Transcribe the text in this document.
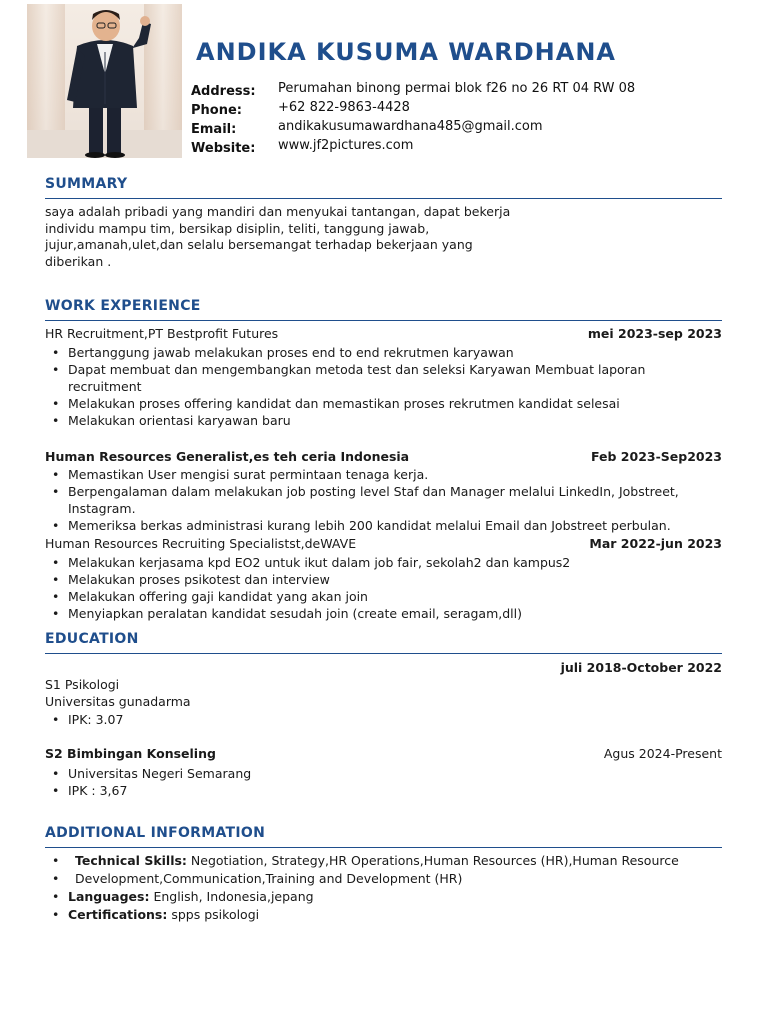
ANDIKA KUSUMA WARDHANA
Address:	Perumahan binong permai blok f26 no 26 RT 04 RW 08
Phone:	+62 822-9863-4428
Email:	andikakusumawardhana485@gmail.com
Website:	www.jf2pictures.com
SUMMARY
saya adalah pribadi yang mandiri dan menyukai tantangan, dapat bekerja
individu mampu tim, bersikap disiplin, teliti, tanggung jawab,
jujur,amanah,ulet,dan selalu bersemangat terhadap bekerjaan yang
diberikan .
WORK EXPERIENCE
HR Recruitment,PT Bestprofit Futures	mei 2023-sep 2023
• Bertanggung jawab melakukan proses end to end rekrutmen karyawan
• Dapat membuat dan mengembangkan metoda test dan seleksi Karyawan Membuat laporan
recruitment
• Melakukan proses offering kandidat dan memastikan proses rekrutmen kandidat selesai
• Melakukan orientasi karyawan baru
Human Resources Generalist,es teh ceria Indonesia	Feb 2023-Sep2023
• Memastikan User mengisi surat permintaan tenaga kerja.
• Berpengalaman dalam melakukan job posting level Staf dan Manager melalui LinkedIn, Jobstreet,
Instagram.
• Memeriksa berkas administrasi kurang lebih 200 kandidat melalui Email dan Jobstreet perbulan.
Human Resources Recruiting Specialistst,deWAVE	Mar 2022-jun 2023
• Melakukan kerjasama kpd EO2 untuk ikut dalam job fair, sekolah2 dan kampus2
• Melakukan proses psikotest dan interview
• Melakukan offering gaji kandidat yang akan join
• Menyiapkan peralatan kandidat sesudah join (create email, seragam,dll)
EDUCATION
juli 2018-October 2022
S1 Psikologi
Universitas gunadarma
• IPK: 3.07
S2 Bimbingan Konseling	Agus 2024-Present
• Universitas Negeri Semarang
• IPK : 3,67
ADDITIONAL INFORMATION
• Technical Skills: Negotiation, Strategy,HR Operations,Human Resources (HR),Human Resource
• Development,Communication,Training and Development (HR)
• Languages: English, Indonesia,jepang
• Certifications: spps psikologi
